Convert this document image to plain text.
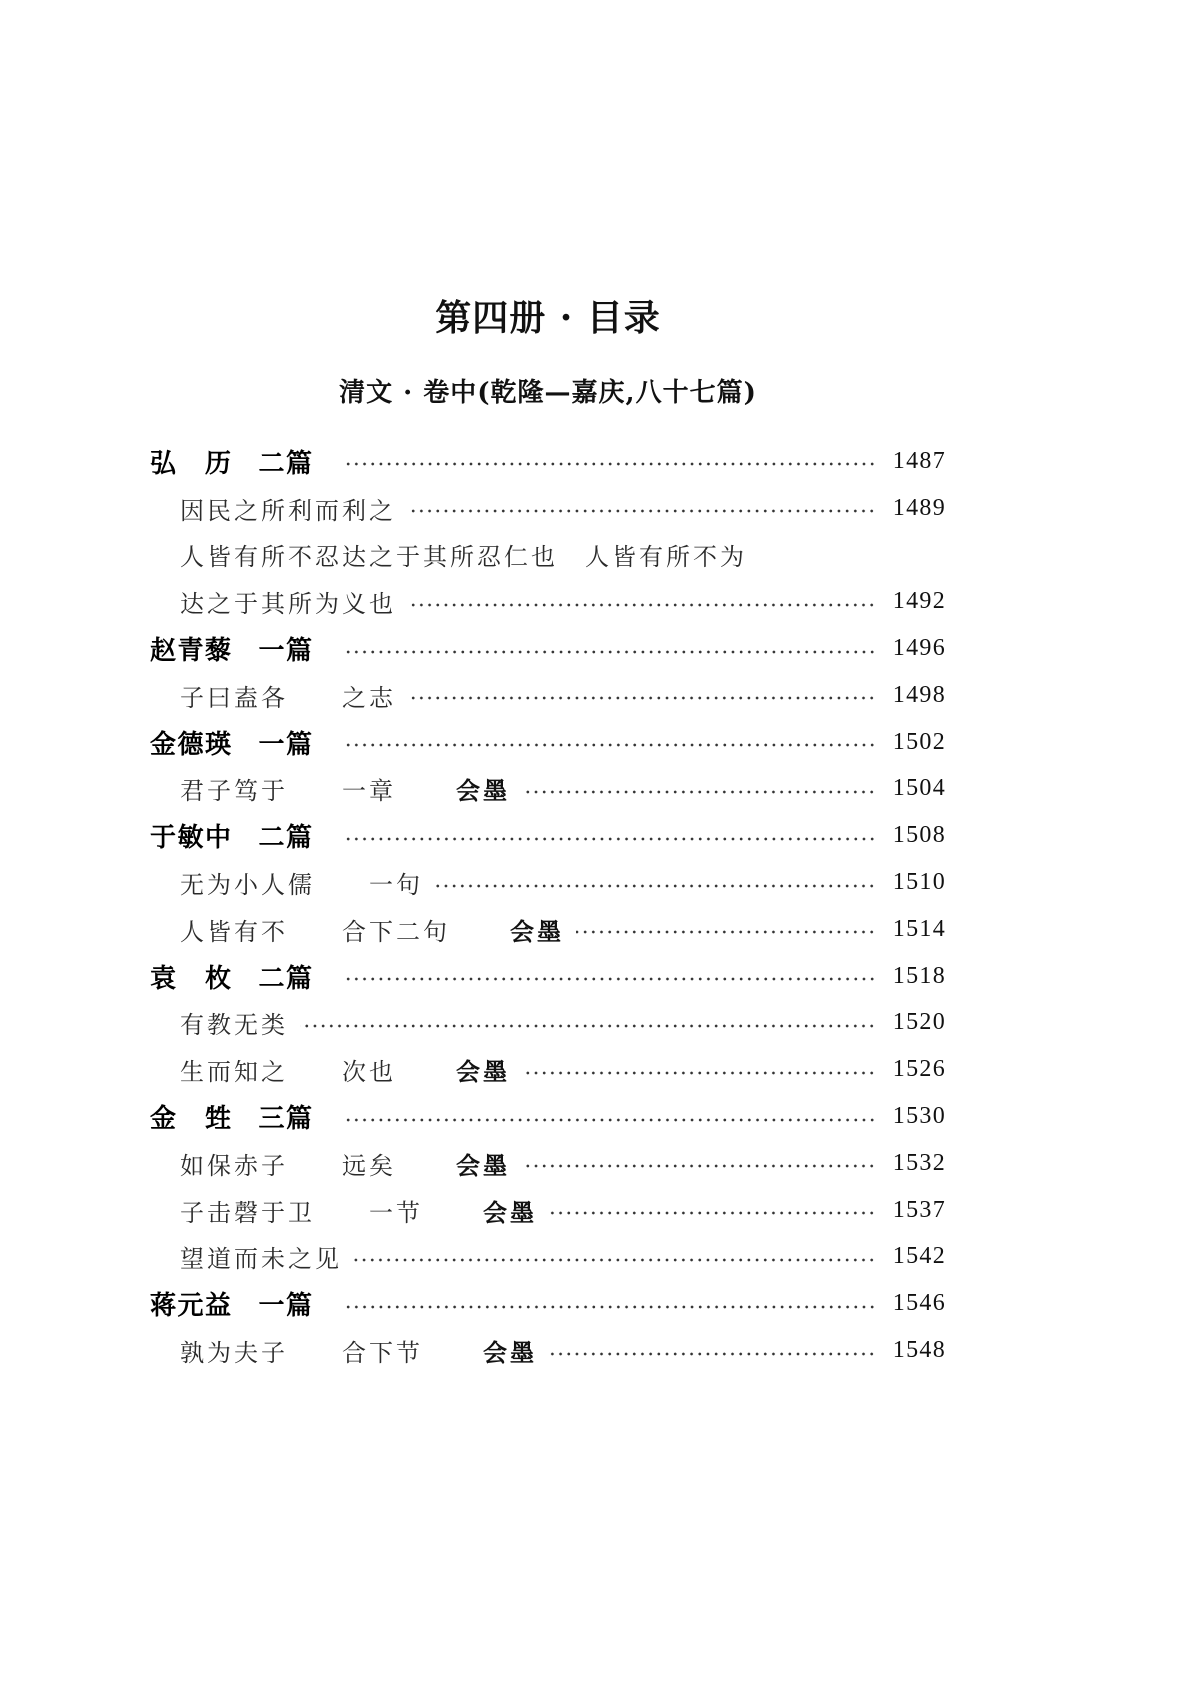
第四册 · 目录
清文 · 卷中(乾隆—嘉庆,八十七篇)
弘　历 二篇	1487
因民之所利而利之	1489
人皆有所不忍达之于其所忍仁也　人皆有所不为
达之于其所为义也	1492
赵青藜 一篇	1496
子曰盍各　　之志	1498
金德瑛 一篇	1502
君子笃于　　一章	会墨	1504
于敏中 二篇	1508
无为小人儒　　一句	1510
人皆有不　　合下二句	会墨	1514
袁　枚 二篇	1518
有教无类	1520
生而知之　　次也	会墨	1526
金　甡 三篇	1530
如保赤子　　远矣	会墨	1532
子击磬于卫　　一节	会墨	1537
望道而未之见	1542
蒋元益 一篇	1546
孰为夫子　　合下节	会墨	1548
